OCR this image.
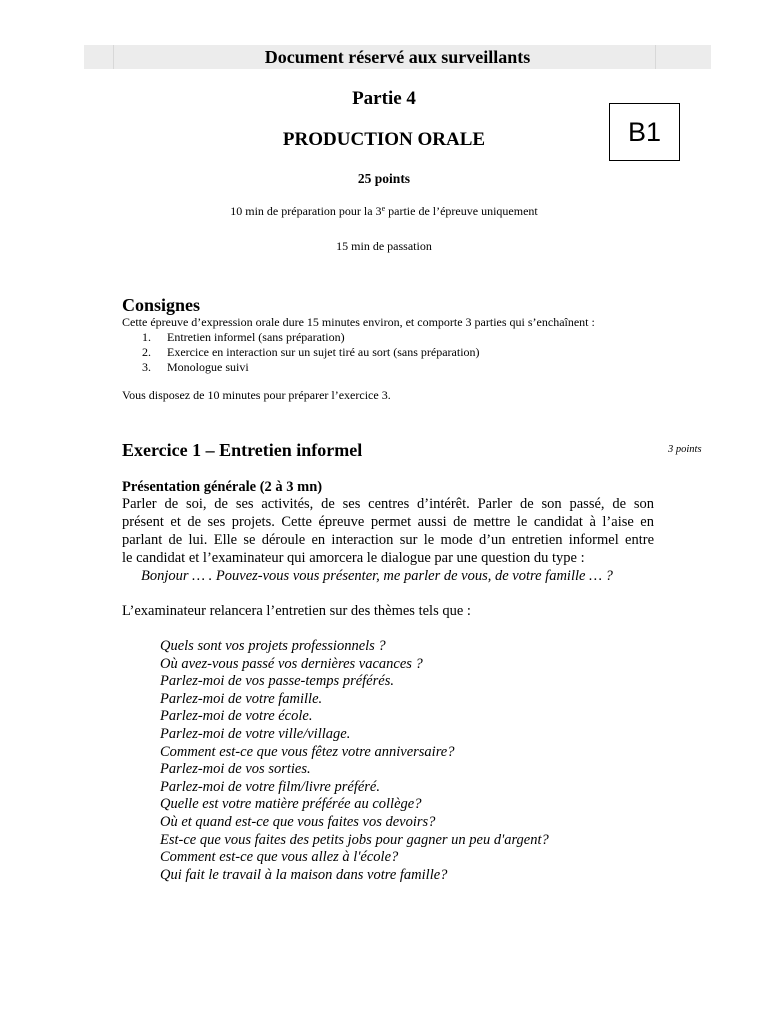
Document réservé aux surveillants
Partie 4
B1
PRODUCTION ORALE
25 points
10 min de préparation pour la 3e partie de l’épreuve uniquement
15 min de passation
Consignes
Cette épreuve d’expression orale dure 15 minutes environ, et comporte 3 parties qui s’enchaînent :
1.	Entretien informel (sans préparation)
2.	Exercice en interaction sur un sujet tiré au sort (sans préparation)
3.	Monologue suivi
Vous disposez de 10 minutes pour préparer l’exercice 3.
Exercice 1 – Entretien informel	3 points
Présentation générale (2 à 3 mn)
Parler de soi, de ses activités, de ses centres d’intérêt. Parler de son passé, de son
présent et de ses projets. Cette épreuve permet aussi de mettre le candidat à l’aise en
parlant de lui. Elle se déroule en interaction sur le mode d’un entretien informel entre
le candidat et l’examinateur qui amorcera le dialogue par une question du type :
Bonjour … . Pouvez-vous vous présenter, me parler de vous, de votre famille … ?
L’examinateur relancera l’entretien sur des thèmes tels que :
Quels sont vos projets professionnels ?
Où avez-vous passé vos dernières vacances ?
Parlez-moi de vos passe-temps préférés.
Parlez-moi de votre famille.
Parlez-moi de votre école.
Parlez-moi de votre ville/village.
Comment est-ce que vous fêtez votre anniversaire?
Parlez-moi de vos sorties.
Parlez-moi de votre film/livre préféré.
Quelle est votre matière préférée au collège?
Où et quand est-ce que vous faites vos devoirs?
Est-ce que vous faites des petits jobs pour gagner un peu d'argent?
Comment est-ce que vous allez à l'école?
Qui fait le travail à la maison dans votre famille?
